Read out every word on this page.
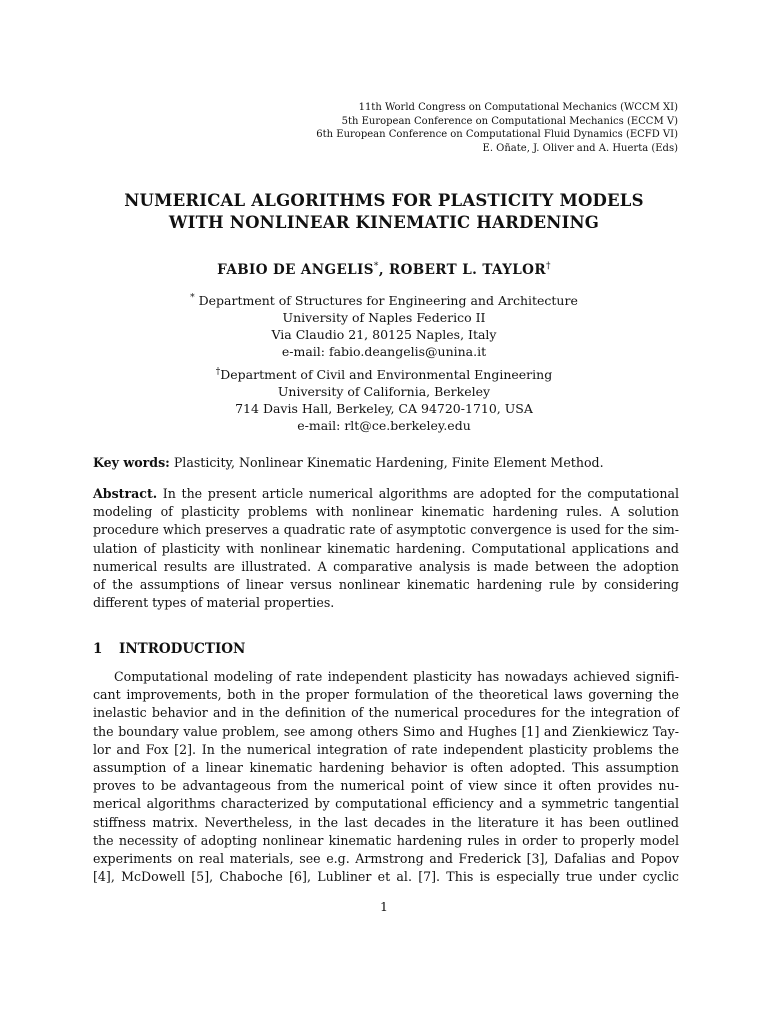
11th World Congress on Computational Mechanics (WCCM XI)
5th European Conference on Computational Mechanics (ECCM V)
6th European Conference on Computational Fluid Dynamics (ECFD VI)
E. Oñate, J. Oliver and A. Huerta (Eds)
NUMERICAL ALGORITHMS FOR PLASTICITY MODELS
WITH NONLINEAR KINEMATIC HARDENING
FABIO DE ANGELIS*, ROBERT L. TAYLOR†
* Department of Structures for Engineering and Architecture
University of Naples Federico II
Via Claudio 21, 80125 Naples, Italy
e-mail: fabio.deangelis@unina.it
†Department of Civil and Environmental Engineering
University of California, Berkeley
714 Davis Hall, Berkeley, CA 94720-1710, USA
e-mail: rlt@ce.berkeley.edu
Key words: Plasticity, Nonlinear Kinematic Hardening, Finite Element Method.
Abstract. In the present article numerical algorithms are adopted for the computational
modeling of plasticity problems with nonlinear kinematic hardening rules. A solution
procedure which preserves a quadratic rate of asymptotic convergence is used for the sim-
ulation of plasticity with nonlinear kinematic hardening. Computational applications and
numerical results are illustrated. A comparative analysis is made between the adoption
of the assumptions of linear versus nonlinear kinematic hardening rule by considering
different types of material properties.
1 INTRODUCTION
Computational modeling of rate independent plasticity has nowadays achieved signifi-
cant improvements, both in the proper formulation of the theoretical laws governing the
inelastic behavior and in the definition of the numerical procedures for the integration of
the boundary value problem, see among others Simo and Hughes [1] and Zienkiewicz Tay-
lor and Fox [2]. In the numerical integration of rate independent plasticity problems the
assumption of a linear kinematic hardening behavior is often adopted. This assumption
proves to be advantageous from the numerical point of view since it often provides nu-
merical algorithms characterized by computational efficiency and a symmetric tangential
stiffness matrix. Nevertheless, in the last decades in the literature it has been outlined
the necessity of adopting nonlinear kinematic hardening rules in order to properly model
experiments on real materials, see e.g. Armstrong and Frederick [3], Dafalias and Popov
[4], McDowell [5], Chaboche [6], Lubliner et al. [7]. This is especially true under cyclic
1
